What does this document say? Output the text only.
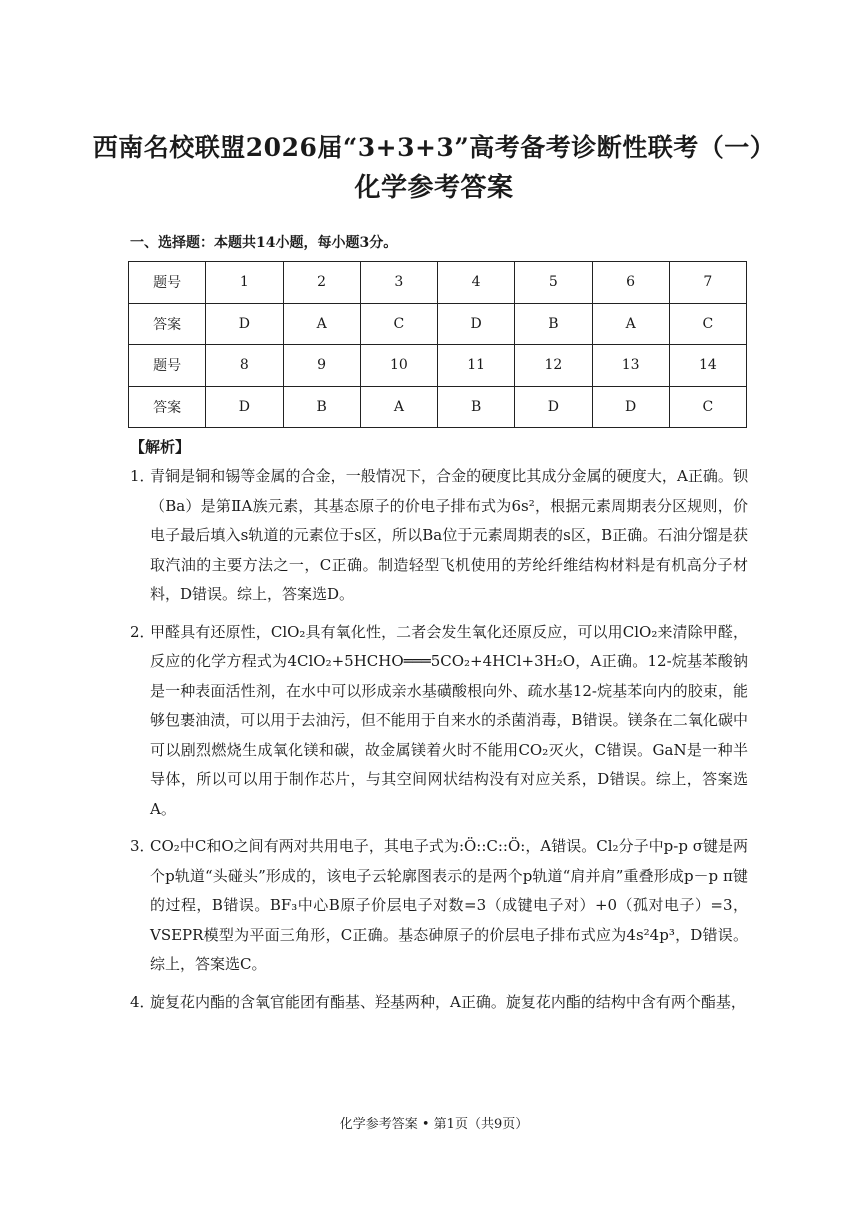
西南名校联盟2026届“3+3+3”高考备考诊断性联考（一）
化学参考答案
一、选择题：本题共14小题，每小题3分。
题号	1	2	3	4	5	6	7
答案	D	A	C	D	B	A	C
题号	8	9	10	11	12	13	14
答案	D	B	A	B	D	D	C
【解析】
1．
青铜是铜和锡等金属的合金，一般情况下，合金的硬度比其成分金属的硬度大，A正确。钡（Ba）是第ⅡA族元素，其基态原子的价电子排布式为6s²，根据元素周期表分区规则，价电子最后填入s轨道的元素位于s区，所以Ba位于元素周期表的s区，B正确。石油分馏是获取汽油的主要方法之一，C正确。制造轻型飞机使用的芳纶纤维结构材料是有机高分子材料，D错误。综上，答案选D。
2．
甲醛具有还原性，ClO₂具有氧化性，二者会发生氧化还原反应，可以用ClO₂来清除甲醛，反应的化学方程式为4ClO₂+5HCHO═══5CO₂+4HCl+3H₂O，A正确。12-烷基苯酸钠是一种表面活性剂，在水中可以形成亲水基磺酸根向外、疏水基12-烷基苯向内的胶束，能够包裹油渍，可以用于去油污，但不能用于自来水的杀菌消毒，B错误。镁条在二氧化碳中可以剧烈燃烧生成氧化镁和碳，故金属镁着火时不能用CO₂灭火，C错误。GaN是一种半导体，所以可以用于制作芯片，与其空间网状结构没有对应关系，D错误。综上，答案选A。
3．
CO₂中C和O之间有两对共用电子，其电子式为:Ö::C::Ö:，A错误。Cl₂分子中p-p σ键是两个p轨道“头碰头”形成的，该电子云轮廓图表示的是两个p轨道“肩并肩”重叠形成p－p π键的过程，B错误。BF₃中心B原子价层电子对数=3（成键电子对）+0（孤对电子）=3，VSEPR模型为平面三角形，C正确。基态砷原子的价层电子排布式应为4s²4p³，D错误。综上，答案选C。
4．
旋复花内酯的含氧官能团有酯基、羟基两种，A正确。旋复花内酯的结构中含有两个酯基，
化学参考答案 • 第1页（共9页）
